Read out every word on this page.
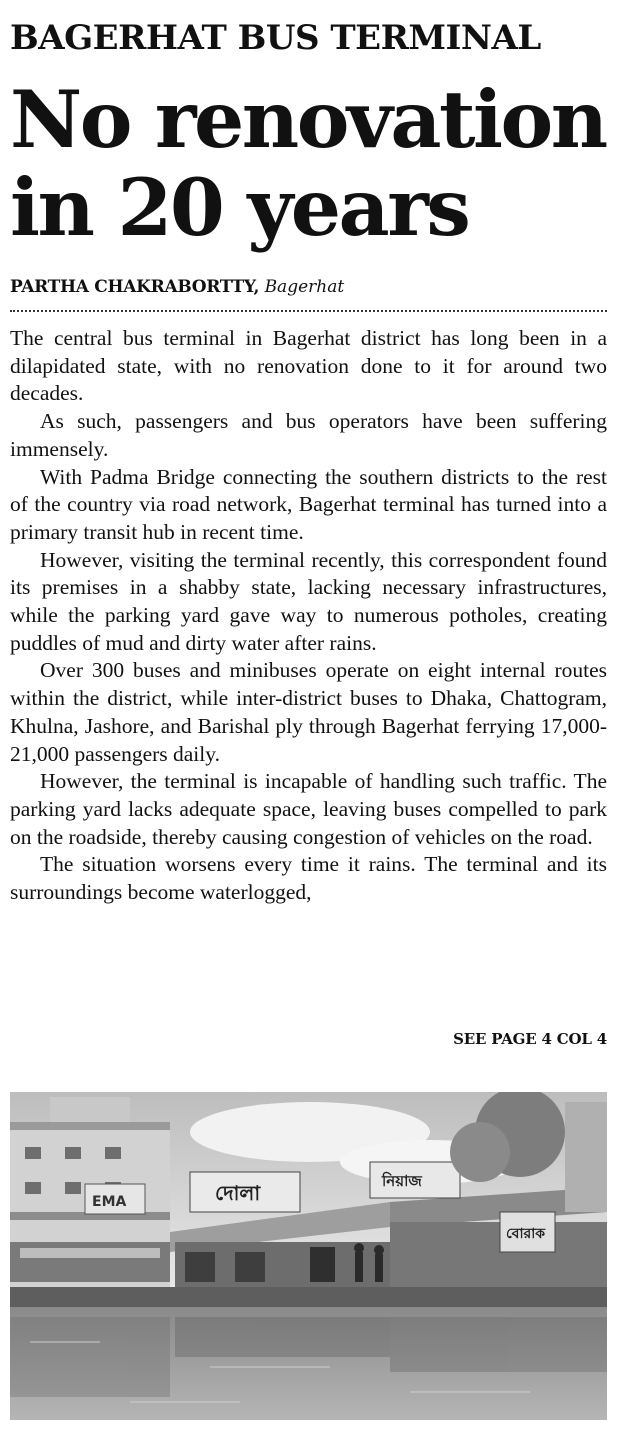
BAGERHAT BUS TERMINAL
No renovation
in 20 years
PARTHA CHAKRABORTTY, Bagerhat

The central bus terminal in Bagerhat district has long been in a dilapidated state, with no renovation done to it for around two decades.

As such, passengers and bus operators have been suffering immensely.

With Padma Bridge connecting the southern districts to the rest of the country via road network, Bagerhat terminal has turned into a primary transit hub in recent time.

However, visiting the terminal recently, this correspondent found its premises in a shabby state, lacking necessary infrastructures, while the parking yard gave way to numerous potholes, creating puddles of mud and dirty water after rains.

Over 300 buses and minibuses operate on eight internal routes within the district, while inter-district buses to Dhaka, Chattogram, Khulna, Jashore, and Barishal ply through Bagerhat ferrying 17,000-21,000 passengers daily.

However, the terminal is incapable of handling such traffic. The parking yard lacks adequate space, leaving buses compelled to park on the roadside, thereby causing congestion of vehicles on the road.

The situation worsens every time it rains. The terminal and its surroundings become waterlogged,

SEE PAGE 4 COL 4
EMA	দোলা	নিয়াজ
বোরাক
